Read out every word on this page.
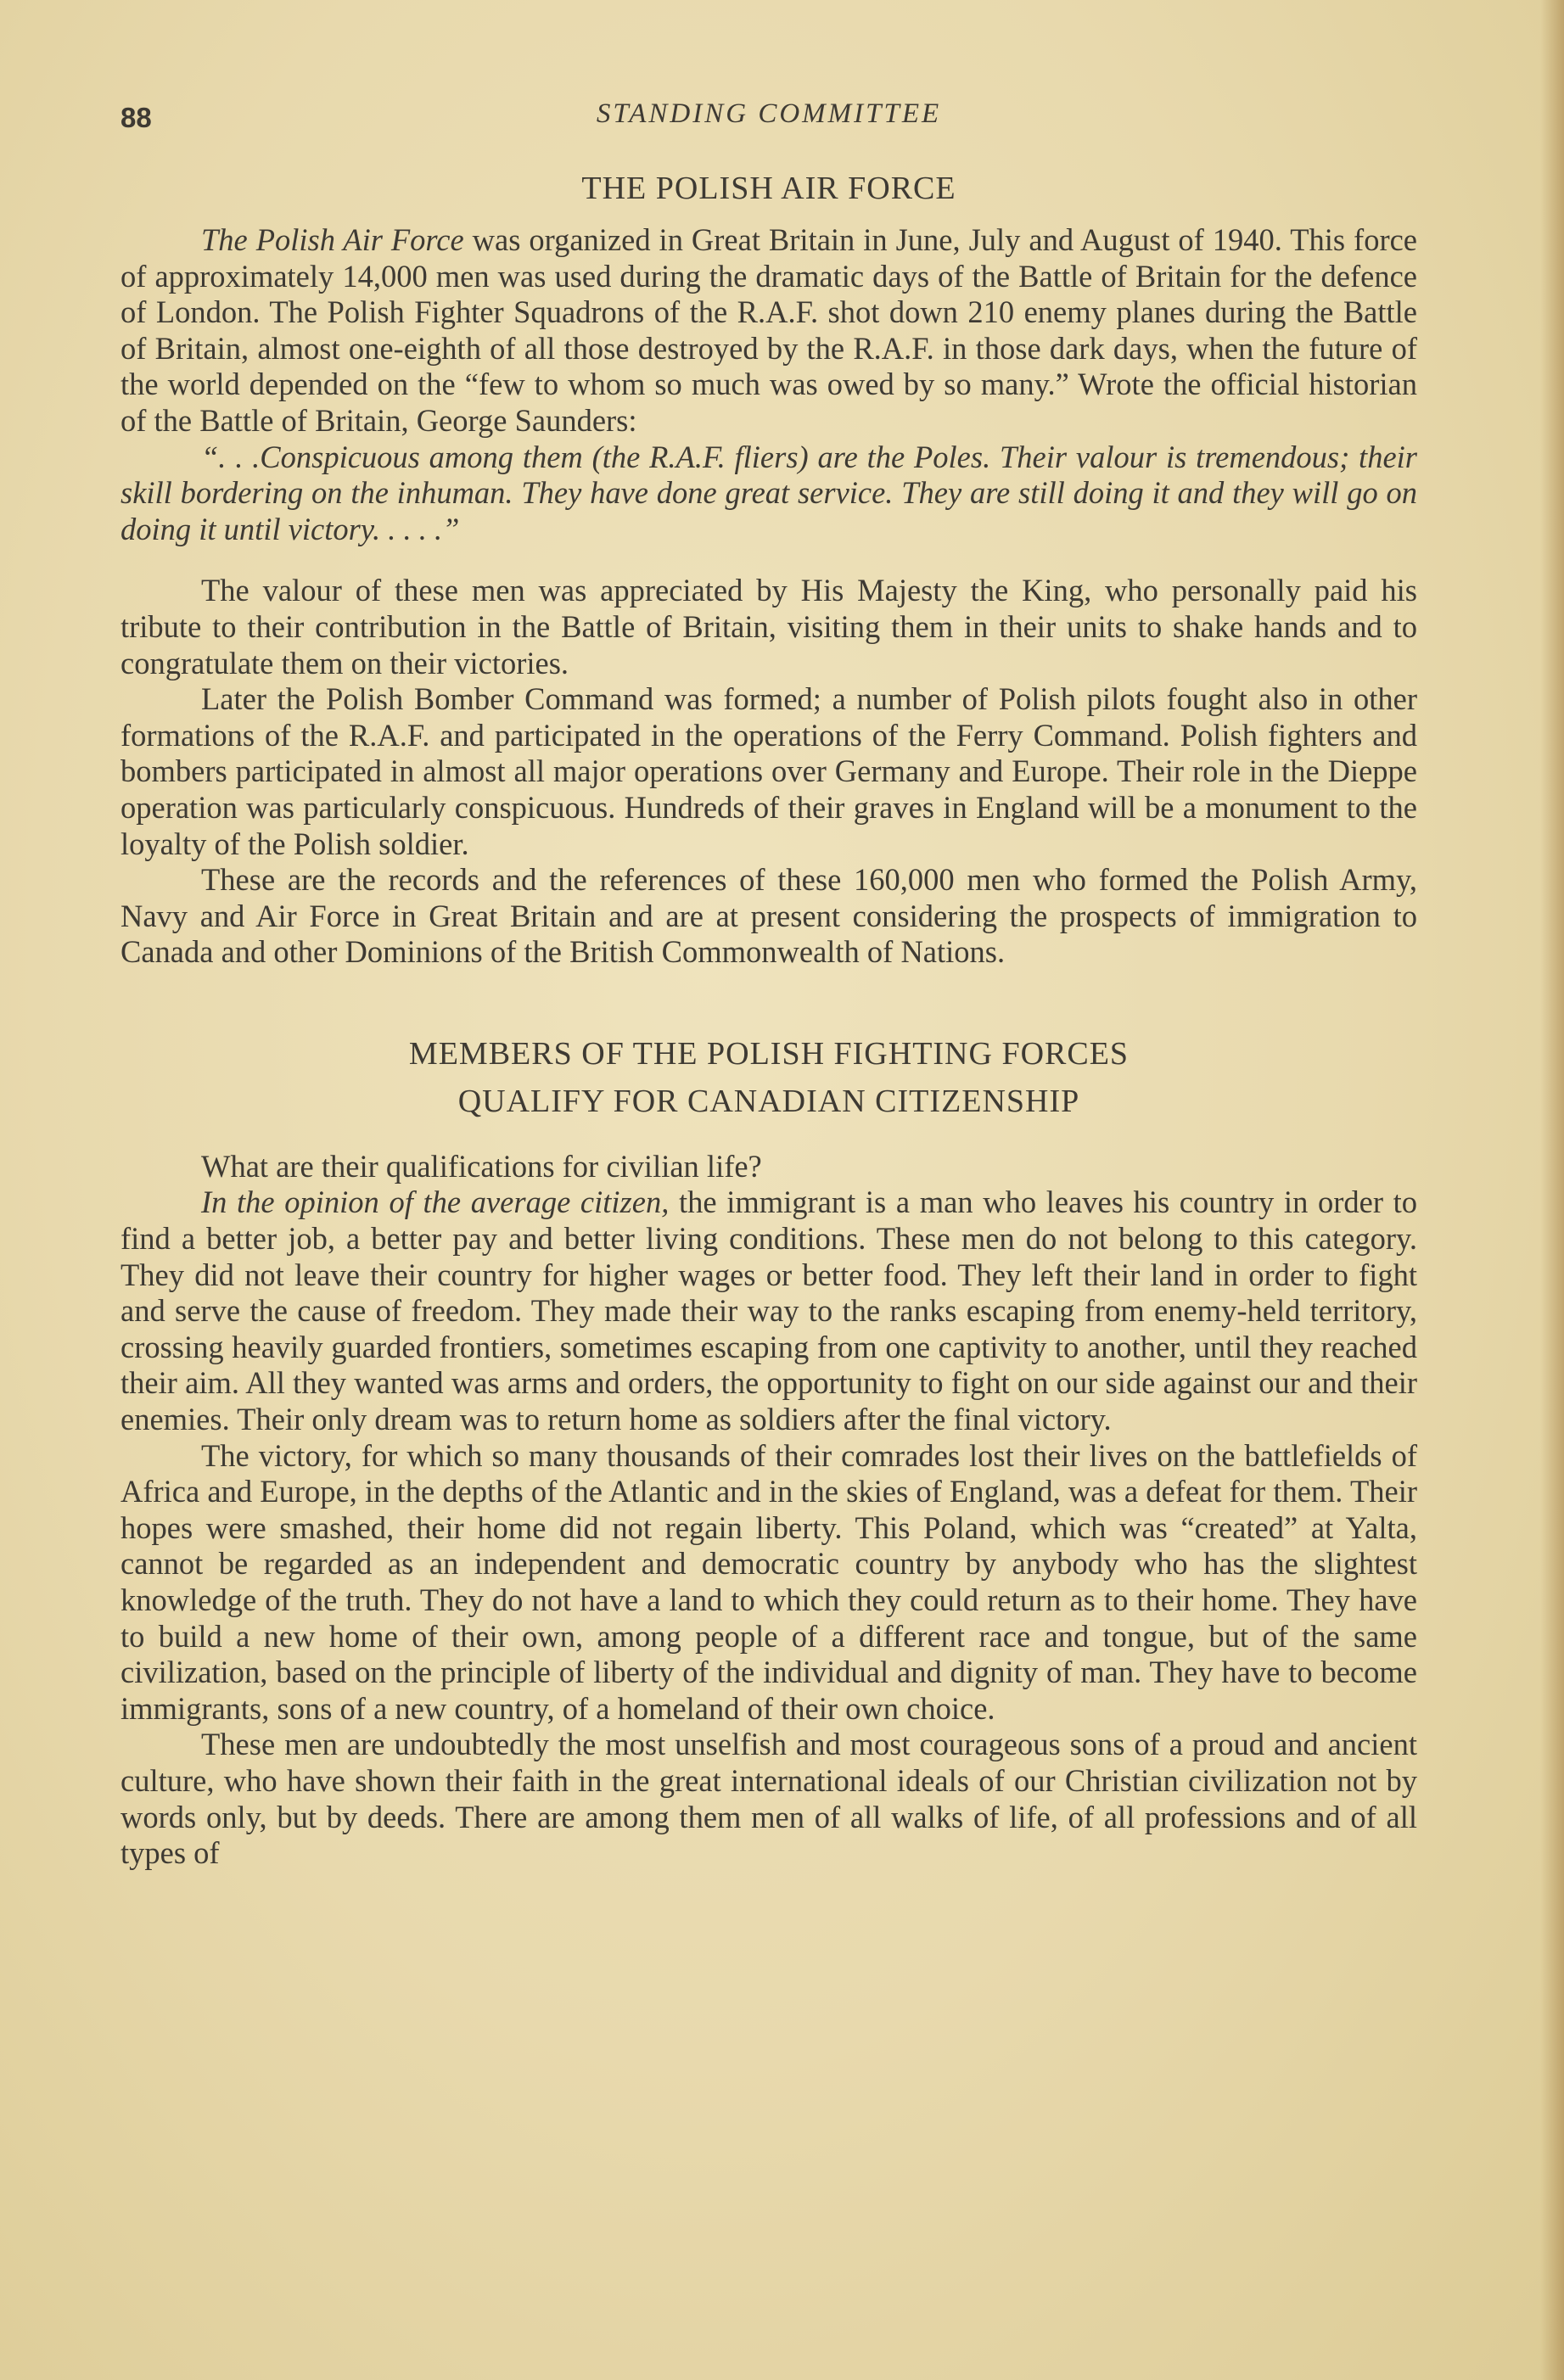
88	STANDING COMMITTEE
THE POLISH AIR FORCE

The Polish Air Force was organized in Great Britain in June, July and August of 1940. This force of approximately 14,000 men was used during the dramatic days of the Battle of Britain for the defence of London. The Polish Fighter Squadrons of the R.A.F. shot down 210 enemy planes during the Battle of Britain, almost one-eighth of all those destroyed by the R.A.F. in those dark days, when the future of the world depended on the “few to whom so much was owed by so many.” Wrote the official historian of the Battle of Britain, George Saunders:

“. . .Conspicuous among them (the R.A.F. fliers) are the Poles. Their valour is tremendous; their skill bordering on the inhuman. They have done great service. They are still doing it and they will go on doing it until victory. . . . .”

The valour of these men was appreciated by His Majesty the King, who personally paid his tribute to their contribution in the Battle of Britain, visiting them in their units to shake hands and to congratulate them on their victories.

Later the Polish Bomber Command was formed; a number of Polish pilots fought also in other formations of the R.A.F. and participated in the operations of the Ferry Command. Polish fighters and bombers participated in almost all major operations over Germany and Europe. Their role in the Dieppe operation was particularly conspicuous. Hundreds of their graves in England will be a monument to the loyalty of the Polish soldier.

These are the records and the references of these 160,000 men who formed the Polish Army, Navy and Air Force in Great Britain and are at present considering the prospects of immigration to Canada and other Dominions of the British Commonwealth of Nations.

MEMBERS OF THE POLISH FIGHTING FORCES
QUALIFY FOR CANADIAN CITIZENSHIP

What are their qualifications for civilian life?

In the opinion of the average citizen, the immigrant is a man who leaves his country in order to find a better job, a better pay and better living conditions. These men do not belong to this category. They did not leave their country for higher wages or better food. They left their land in order to fight and serve the cause of freedom. They made their way to the ranks escaping from enemy-held territory, crossing heavily guarded frontiers, sometimes escaping from one captivity to another, until they reached their aim. All they wanted was arms and orders, the opportunity to fight on our side against our and their enemies. Their only dream was to return home as soldiers after the final victory.

The victory, for which so many thousands of their comrades lost their lives on the battlefields of Africa and Europe, in the depths of the Atlantic and in the skies of England, was a defeat for them. Their hopes were smashed, their home did not regain liberty. This Poland, which was “created” at Yalta, cannot be regarded as an independent and democratic country by anybody who has the slightest knowledge of the truth. They do not have a land to which they could return as to their home. They have to build a new home of their own, among people of a different race and tongue, but of the same civilization, based on the principle of liberty of the individual and dignity of man. They have to become immigrants, sons of a new country, of a homeland of their own choice.

These men are undoubtedly the most unselfish and most courageous sons of a proud and ancient culture, who have shown their faith in the great international ideals of our Christian civilization not by words only, but by deeds. There are among them men of all walks of life, of all professions and of all types of
